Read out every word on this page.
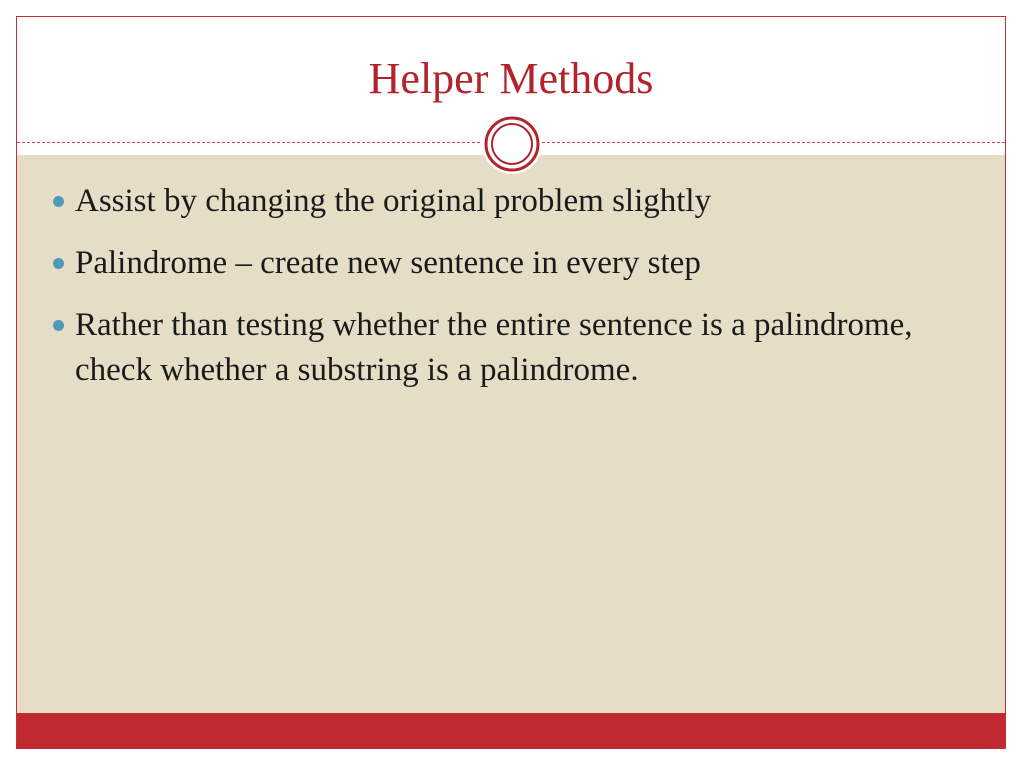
Helper Methods
Assist by changing the original problem slightly
Palindrome – create new sentence in every step
Rather than testing whether the entire sentence is a palindrome, check whether a substring is a palindrome.
